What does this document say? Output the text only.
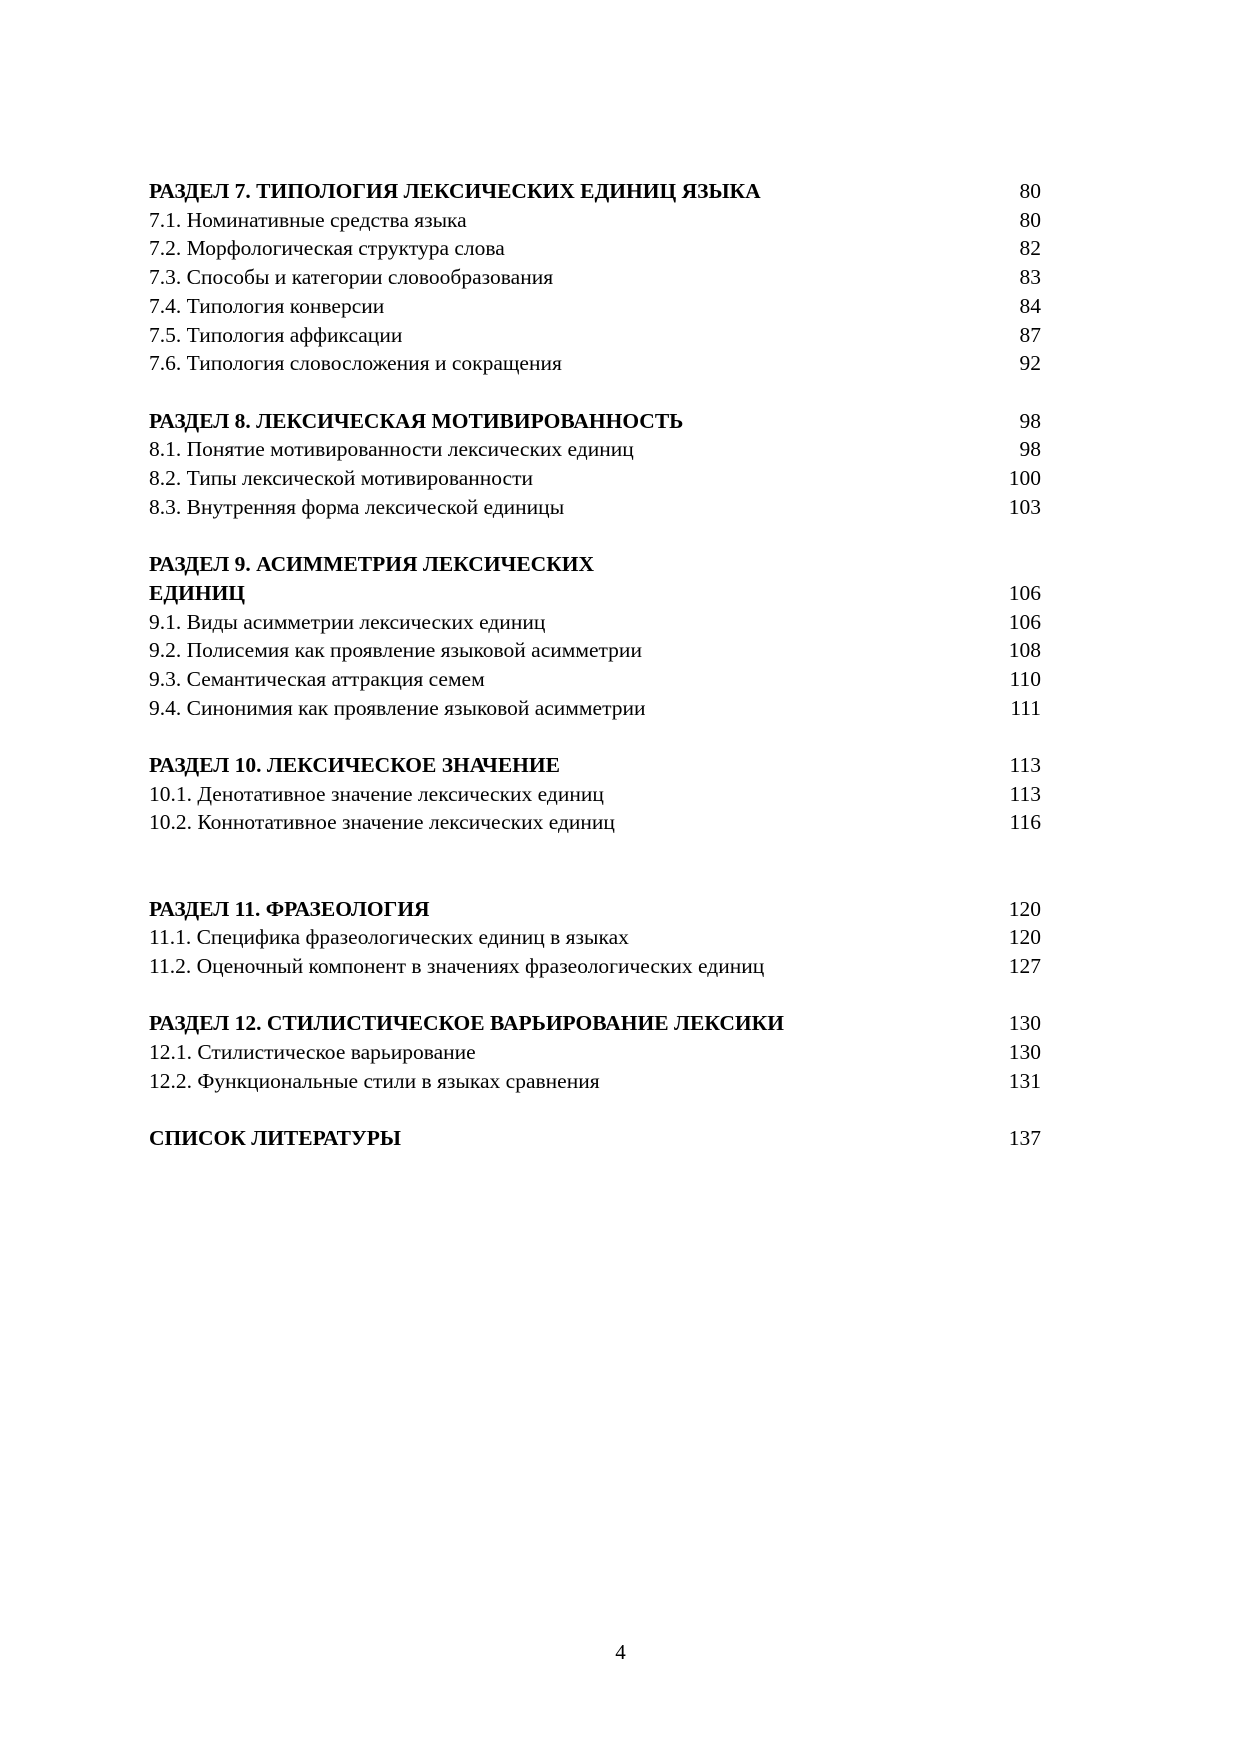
РАЗДЕЛ 7. ТИПОЛОГИЯ ЛЕКСИЧЕСКИХ ЕДИНИЦ ЯЗЫКА	80
7.1. Номинативные средства языка	80
7.2. Морфологическая структура слова	82
7.3. Способы и категории словообразования	83
7.4. Типология конверсии	84
7.5. Типология аффиксации	87
7.6. Типология словосложения и сокращения	92
РАЗДЕЛ 8. ЛЕКСИЧЕСКАЯ МОТИВИРОВАННОСТЬ	98
8.1. Понятие мотивированности лексических единиц	98
8.2. Типы лексической мотивированности	100
8.3. Внутренняя форма лексической единицы	103
РАЗДЕЛ 9. АСИММЕТРИЯ ЛЕКСИЧЕСКИХ
ЕДИНИЦ	106
9.1. Виды асимметрии лексических единиц	106
9.2. Полисемия как проявление языковой асимметрии	108
9.3. Семантическая аттракция семем	110
9.4. Синонимия как проявление языковой асимметрии	111
РАЗДЕЛ 10. ЛЕКСИЧЕСКОЕ ЗНАЧЕНИЕ	113
10.1. Денотативное значение лексических единиц	113
10.2. Коннотативное значение лексических единиц	116
РАЗДЕЛ 11. ФРАЗЕОЛОГИЯ	120
11.1. Специфика фразеологических единиц в языках	120
11.2. Оценочный компонент в значениях фразеологических единиц	127
РАЗДЕЛ 12. СТИЛИСТИЧЕСКОЕ ВАРЬИРОВАНИЕ ЛЕКСИКИ	130
12.1. Стилистическое варьирование	130
12.2. Функциональные стили в языках сравнения	131
СПИСОК ЛИТЕРАТУРЫ	137
4
